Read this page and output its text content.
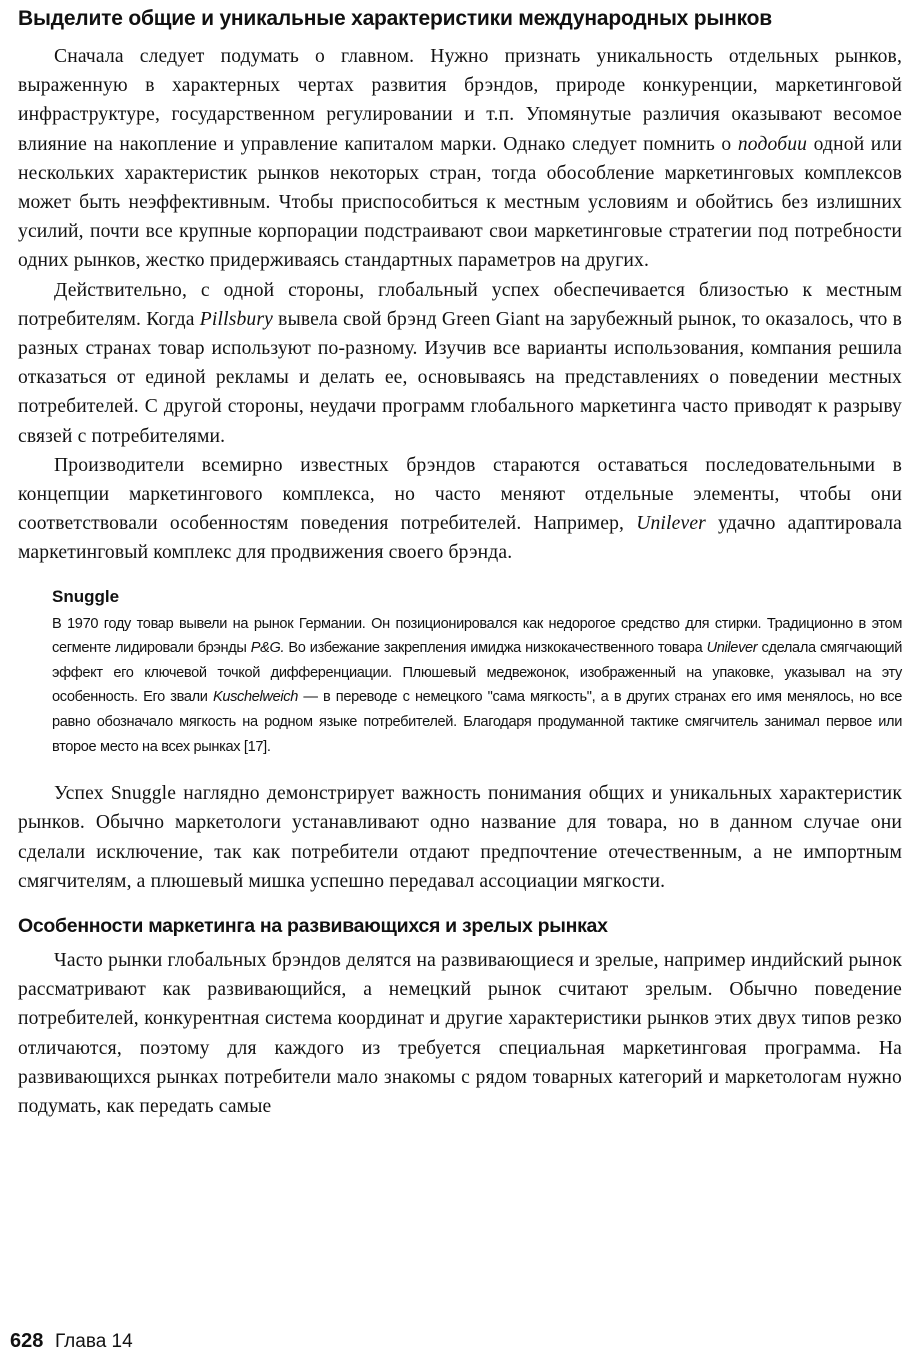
Выделите общие и уникальные характеристики международных рынков

Сначала следует подумать о главном. Нужно признать уникальность отдельных рынков, выраженную в характерных чертах развития брэндов, природе конкуренции, маркетинговой инфраструктуре, государственном регулировании и т.п. Упомянутые различия оказывают весомое влияние на накопление и управление капиталом марки. Однако следует помнить о подобии одной или нескольких характеристик рынков некоторых стран, тогда обособление маркетинговых комплексов может быть неэффективным. Чтобы приспособиться к местным условиям и обойтись без излишних усилий, почти все крупные корпорации подстраивают свои маркетинговые стратегии под потребности одних рынков, жестко придерживаясь стандартных параметров на других.

Действительно, с одной стороны, глобальный успех обеспечивается близостью к местным потребителям. Когда Pillsbury вывела свой брэнд Green Giant на зарубежный рынок, то оказалось, что в разных странах товар используют по-разному. Изучив все варианты использования, компания решила отказаться от единой рекламы и делать ее, основываясь на представлениях о поведении местных потребителей. С другой стороны, неудачи программ глобального маркетинга часто приводят к разрыву связей с потребителями.

Производители всемирно известных брэндов стараются оставаться последовательными в концепции маркетингового комплекса, но часто меняют отдельные элементы, чтобы они соответствовали особенностям поведения потребителей. Например, Unilever удачно адаптировала маркетинговый комплекс для продвижения своего брэнда.

Snuggle

В 1970 году товар вывели на рынок Германии. Он позиционировался как недорогое средство для стирки. Традиционно в этом сегменте лидировали брэнды P&G. Во избежание закрепления имиджа низкокачественного товара Unilever сделала смягчающий эффект его ключевой точкой дифференциации. Плюшевый медвежонок, изображенный на упаковке, указывал на эту особенность. Его звали Kuschelweich — в переводе с немецкого "сама мягкость", а в других странах его имя менялось, но все равно обозначало мягкость на родном языке потребителей. Благодаря продуманной тактике смягчитель занимал первое или второе место на всех рынках [17].

Успех Snuggle наглядно демонстрирует важность понимания общих и уникальных характеристик рынков. Обычно маркетологи устанавливают одно название для товара, но в данном случае они сделали исключение, так как потребители отдают предпочтение отечественным, а не импортным смягчителям, а плюшевый мишка успешно передавал ассоциации мягкости.

Особенности маркетинга на развивающихся и зрелых рынках

Часто рынки глобальных брэндов делятся на развивающиеся и зрелые, например индийский рынок рассматривают как развивающийся, а немецкий рынок считают зрелым. Обычно поведение потребителей, конкурентная система координат и другие характеристики рынков этих двух типов резко отличаются, поэтому для каждого из требуется специальная маркетинговая программа. На развивающихся рынках потребители мало знакомы с рядом товарных категорий и маркетологам нужно подумать, как передать самые

628 Глава 14
